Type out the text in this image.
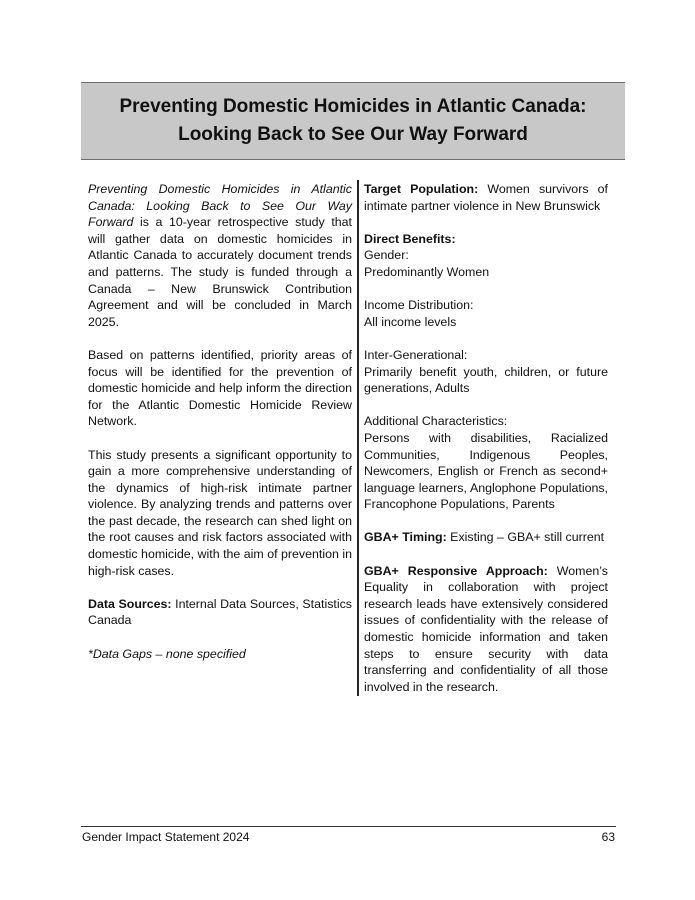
Preventing Domestic Homicides in Atlantic Canada: Looking Back to See Our Way Forward

Preventing Domestic Homicides in Atlantic Canada: Looking Back to See Our Way Forward is a 10-year retrospective study that will gather data on domestic homicides in Atlantic Canada to accurately document trends and patterns. The study is funded through a Canada – New Brunswick Contribution Agreement and will be concluded in March 2025.

Based on patterns identified, priority areas of focus will be identified for the prevention of domestic homicide and help inform the direction for the Atlantic Domestic Homicide Review Network.

This study presents a significant opportunity to gain a more comprehensive understanding of the dynamics of high-risk intimate partner violence. By analyzing trends and patterns over the past decade, the research can shed light on the root causes and risk factors associated with domestic homicide, with the aim of prevention in high-risk cases.

Data Sources: Internal Data Sources, Statistics Canada

*Data Gaps – none specified

Target Population: Women survivors of intimate partner violence in New Brunswick

Direct Benefits:

Gender:

Predominantly Women

Income Distribution:

All income levels

Inter-Generational:

Primarily benefit youth, children, or future generations, Adults

Additional Characteristics:

Persons with disabilities, Racialized Communities, Indigenous Peoples, Newcomers, English or French as second+ language learners, Anglophone Populations, Francophone Populations, Parents

GBA+ Timing: Existing – GBA+ still current

GBA+ Responsive Approach: Women’s Equality in collaboration with project research leads have extensively considered issues of confidentiality with the release of domestic homicide information and taken steps to ensure security with data transferring and confidentiality of all those involved in the research.

Gender Impact Statement 2024	63
